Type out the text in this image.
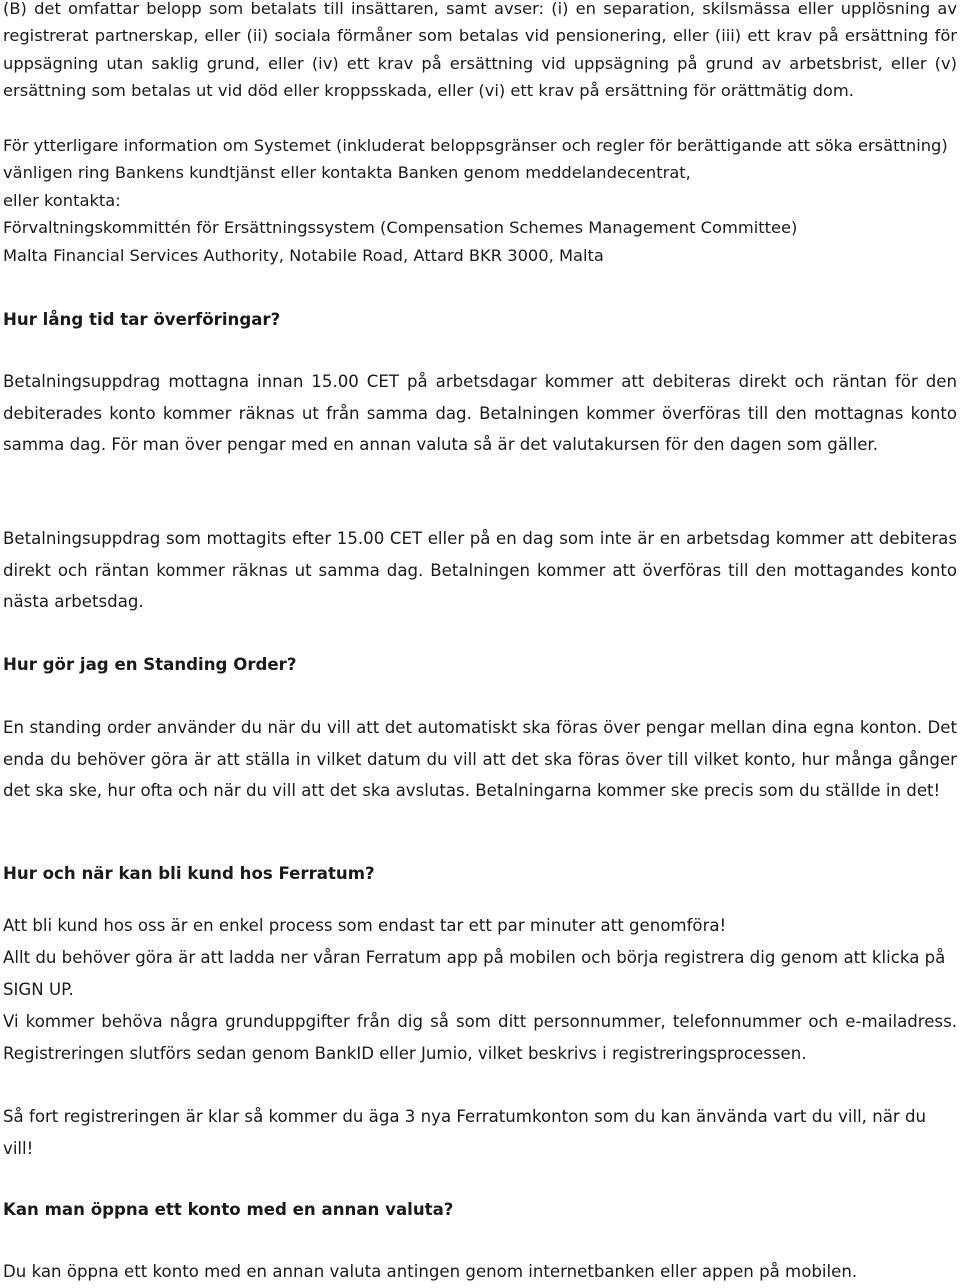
(B) det omfattar belopp som betalats till insättaren, samt avser: (i) en separation, skilsmässa eller upplösning av registrerat partnerskap, eller (ii) sociala förmåner som betalas vid pensionering, eller (iii) ett krav på ersättning för uppsägning utan saklig grund, eller (iv) ett krav på ersättning vid uppsägning på grund av arbetsbrist, eller (v) ersättning som betalas ut vid död eller kroppsskada, eller (vi) ett krav på ersättning för orättmätig dom.

För ytterligare information om Systemet (inkluderat beloppsgränser och regler för berättigande att söka ersättning) vänligen ring Bankens kundtjänst eller kontakta Banken genom meddelandecentrat,

eller kontakta:

Förvaltningskommittén för Ersättningssystem (Compensation Schemes Management Committee)

Malta Financial Services Authority, Notabile Road, Attard BKR 3000, Malta

Hur lång tid tar överföringar?

Betalningsuppdrag mottagna innan 15.00 CET på arbetsdagar kommer att debiteras direkt och räntan för den debiterades konto kommer räknas ut från samma dag. Betalningen kommer överföras till den mottagnas konto samma dag. För man över pengar med en annan valuta så är det valutakursen för den dagen som gäller.

Betalningsuppdrag som mottagits efter 15.00 CET eller på en dag som inte är en arbetsdag kommer att debiteras direkt och räntan kommer räknas ut samma dag. Betalningen kommer att överföras till den mottagandes konto nästa arbetsdag.

Hur gör jag en Standing Order?

En standing order använder du när du vill att det automatiskt ska föras över pengar mellan dina egna konton. Det enda du behöver göra är att ställa in vilket datum du vill att det ska föras över till vilket konto, hur många gånger det ska ske, hur ofta och när du vill att det ska avslutas. Betalningarna kommer ske precis som du ställde in det!

Hur och när kan bli kund hos Ferratum?

Att bli kund hos oss är en enkel process som endast tar ett par minuter att genomföra!

Allt du behöver göra är att ladda ner våran Ferratum app på mobilen och börja registrera dig genom att klicka på SIGN UP.

Vi kommer behöva några grunduppgifter från dig så som ditt personnummer, telefonnummer och e-mailadress. Registreringen slutförs sedan genom BankID eller Jumio, vilket beskrivs i registreringsprocessen.

Så fort registreringen är klar så kommer du äga 3 nya Ferratumkonton som du kan änvända vart du vill, när du vill!

Kan man öppna ett konto med en annan valuta?

Du kan öppna ett konto med en annan valuta antingen genom internetbanken eller appen på mobilen.
